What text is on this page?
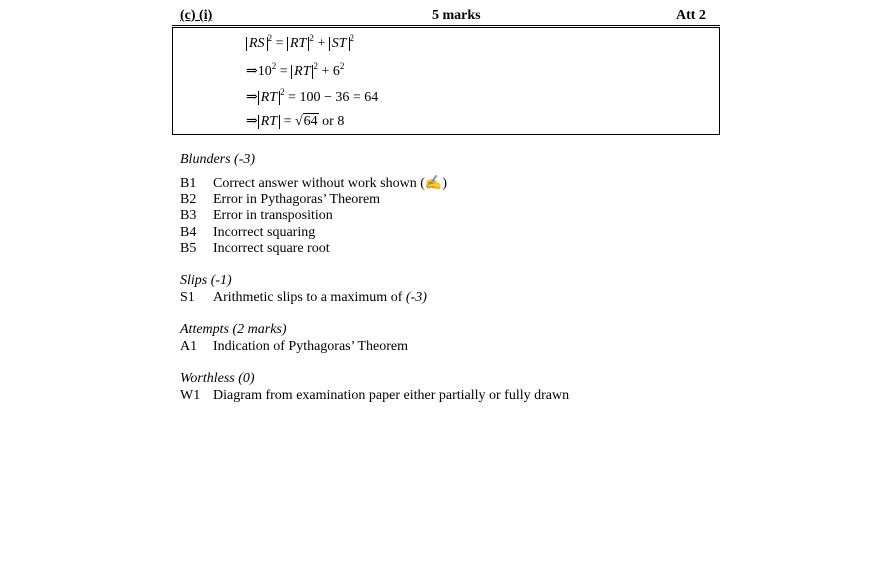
(c) (i)	5 marks	Att 2
RS $^2$ = RT $^2$ + ST $^2$
$\Rightarrow 10^2$ = RT $^2 + 6^2$
⇒ RT $^2$ = 100 − 36 = 64
⇒ RT = √64 or 8
Blunders (-3)
B1 Correct answer without work shown (✍)
B2 Error in Pythagoras’ Theorem
B3 Error in transposition
B4 Incorrect squaring
B5 Incorrect square root
Slips (-1)
S1 Arithmetic slips to a maximum of (-3)
Attempts (2 marks)
A1 Indication of Pythagoras’ Theorem
Worthless (0)
W1 Diagram from examination paper either partially or fully drawn
